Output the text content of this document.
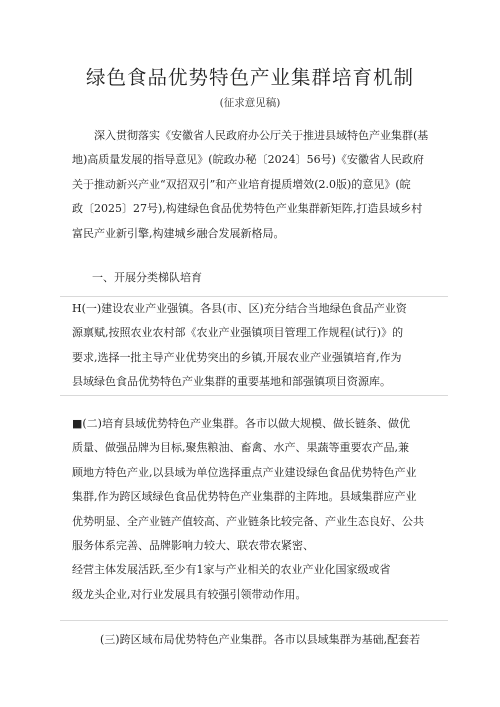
绿色食品优势特色产业集群培育机制
(征求意见稿)
深入贯彻落实《安徽省人民政府办公厅关于推进县域特色产业集群(基
地)高质量发展的指导意见》(皖政办秘〔2024〕56号)《安徽省人民政府
关于推动新兴产业“双招双引”和产业培育提质增效(2.0版)的意见》(皖
政〔2025〕27号),构建绿色食品优势特色产业集群新矩阵,打造县域乡村
富民产业新引擎,构建城乡融合发展新格局。
一、开展分类梯队培育
H(一)建设农业产业强镇。各县(市、区)充分结合当地绿色食品产业资
源禀赋,按照农业农村部《农业产业强镇项目管理工作规程(试行)》的
要求,选择一批主导产业优势突出的乡镇,开展农业产业强镇培育,作为
县域绿色食品优势特色产业集群的重要基地和部强镇项目资源库。
■(二)培育县域优势特色产业集群。各市以做大规模、做长链条、做优
质量、做强品牌为目标,聚焦粮油、畜禽、水产、果蔬等重要农产品,兼
顾地方特色产业,以县域为单位选择重点产业建设绿色食品优势特色产业
集群,作为跨区域绿色食品优势特色产业集群的主阵地。县域集群应产业
优势明显、全产业链产值较高、产业链条比较完备、产业生态良好、公共
服务体系完善、品牌影响力较大、联农带农紧密、
经营主体发展活跃,至少有1家与产业相关的农业产业化国家级或省
级龙头企业,对行业发展具有较强引领带动作用。
(三)跨区域布局优势特色产业集群。各市以县域集群为基础,配套若
